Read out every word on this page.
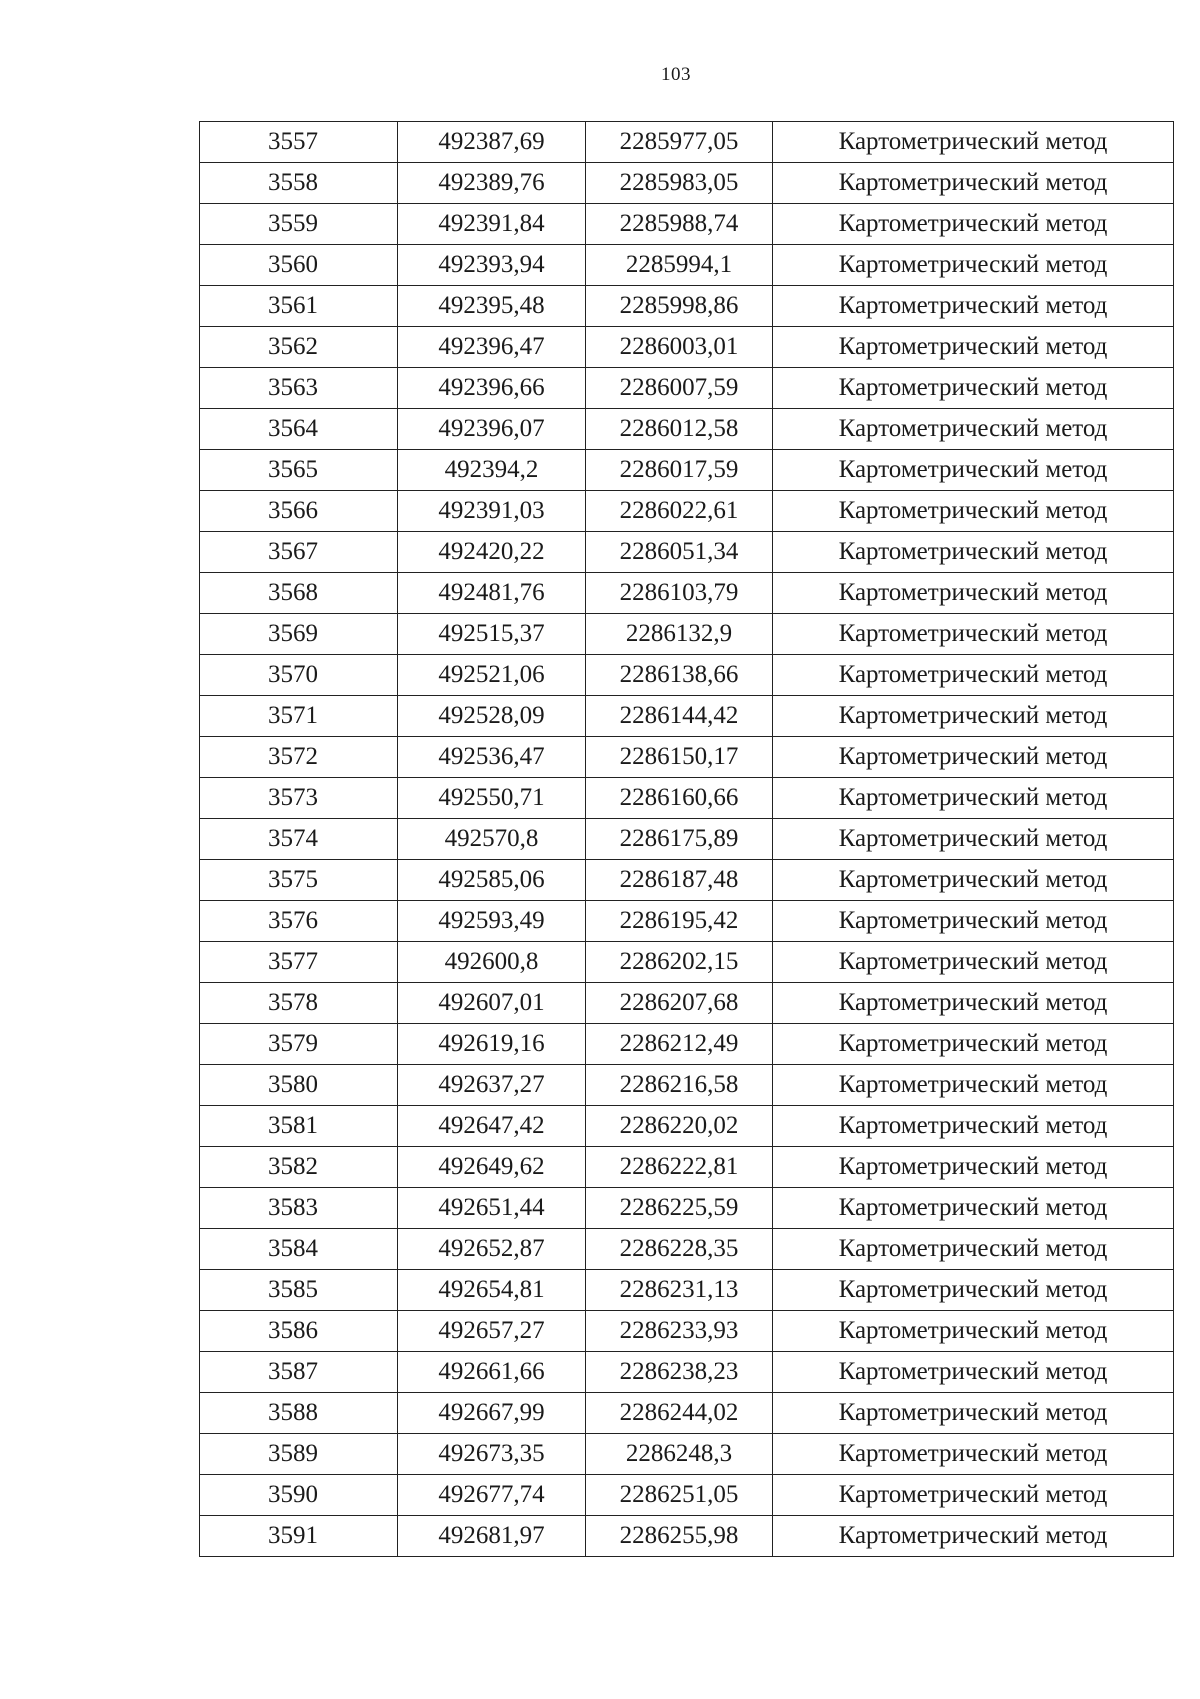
103
3557	492387,69	2285977,05	Картометрический метод
3558	492389,76	2285983,05	Картометрический метод
3559	492391,84	2285988,74	Картометрический метод
3560	492393,94	2285994,1	Картометрический метод
3561	492395,48	2285998,86	Картометрический метод
3562	492396,47	2286003,01	Картометрический метод
3563	492396,66	2286007,59	Картометрический метод
3564	492396,07	2286012,58	Картометрический метод
3565	492394,2	2286017,59	Картометрический метод
3566	492391,03	2286022,61	Картометрический метод
3567	492420,22	2286051,34	Картометрический метод
3568	492481,76	2286103,79	Картометрический метод
3569	492515,37	2286132,9	Картометрический метод
3570	492521,06	2286138,66	Картометрический метод
3571	492528,09	2286144,42	Картометрический метод
3572	492536,47	2286150,17	Картометрический метод
3573	492550,71	2286160,66	Картометрический метод
3574	492570,8	2286175,89	Картометрический метод
3575	492585,06	2286187,48	Картометрический метод
3576	492593,49	2286195,42	Картометрический метод
3577	492600,8	2286202,15	Картометрический метод
3578	492607,01	2286207,68	Картометрический метод
3579	492619,16	2286212,49	Картометрический метод
3580	492637,27	2286216,58	Картометрический метод
3581	492647,42	2286220,02	Картометрический метод
3582	492649,62	2286222,81	Картометрический метод
3583	492651,44	2286225,59	Картометрический метод
3584	492652,87	2286228,35	Картометрический метод
3585	492654,81	2286231,13	Картометрический метод
3586	492657,27	2286233,93	Картометрический метод
3587	492661,66	2286238,23	Картометрический метод
3588	492667,99	2286244,02	Картометрический метод
3589	492673,35	2286248,3	Картометрический метод
3590	492677,74	2286251,05	Картометрический метод
3591	492681,97	2286255,98	Картометрический метод
